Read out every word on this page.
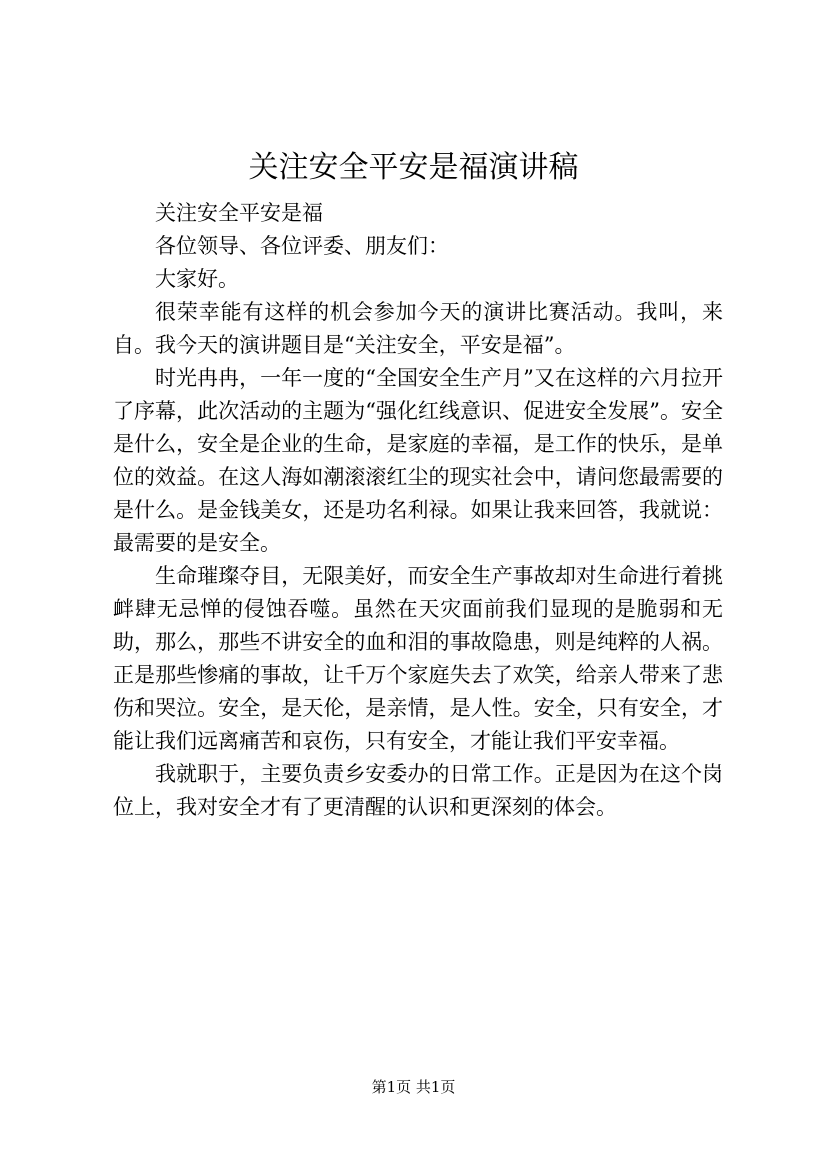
关注安全平安是福演讲稿

关注安全平安是福

各位领导、各位评委、朋友们：

大家好。

很荣幸能有这样的机会参加今天的演讲比赛活动。我叫，来自。我今天的演讲题目是“关注安全，平安是福”。

时光冉冉，一年一度的“全国安全生产月”又在这样的六月拉开了序幕，此次活动的主题为“强化红线意识、促进安全发展”。安全是什么，安全是企业的生命，是家庭的幸福，是工作的快乐，是单位的效益。在这人海如潮滚滚红尘的现实社会中，请问您最需要的是什么。是金钱美女，还是功名利禄。如果让我来回答，我就说：最需要的是安全。

生命璀璨夺目，无限美好，而安全生产事故却对生命进行着挑衅肆无忌惮的侵蚀吞噬。虽然在天灾面前我们显现的是脆弱和无助，那么，那些不讲安全的血和泪的事故隐患，则是纯粹的人祸。正是那些惨痛的事故，让千万个家庭失去了欢笑，给亲人带来了悲伤和哭泣。安全，是天伦，是亲情，是人性。安全，只有安全，才能让我们远离痛苦和哀伤，只有安全，才能让我们平安幸福。

我就职于，主要负责乡安委办的日常工作。正是因为在这个岗位上，我对安全才有了更清醒的认识和更深刻的体会。

第1页 共1页
